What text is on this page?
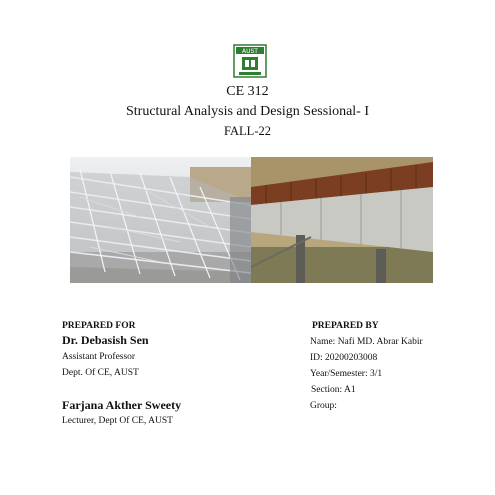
AUST
CE 312
Structural Analysis and Design Sessional- I
FALL-22
PREPARED FOR
Dr. Debasish Sen
Assistant Professor
Dept. Of CE, AUST
Farjana Akther Sweety
Lecturer, Dept Of CE, AUST
PREPARED BY
Name: Nafi MD. Abrar Kabir
ID: 20200203008
Year/Semester: 3/1
Section: A1
Group:
